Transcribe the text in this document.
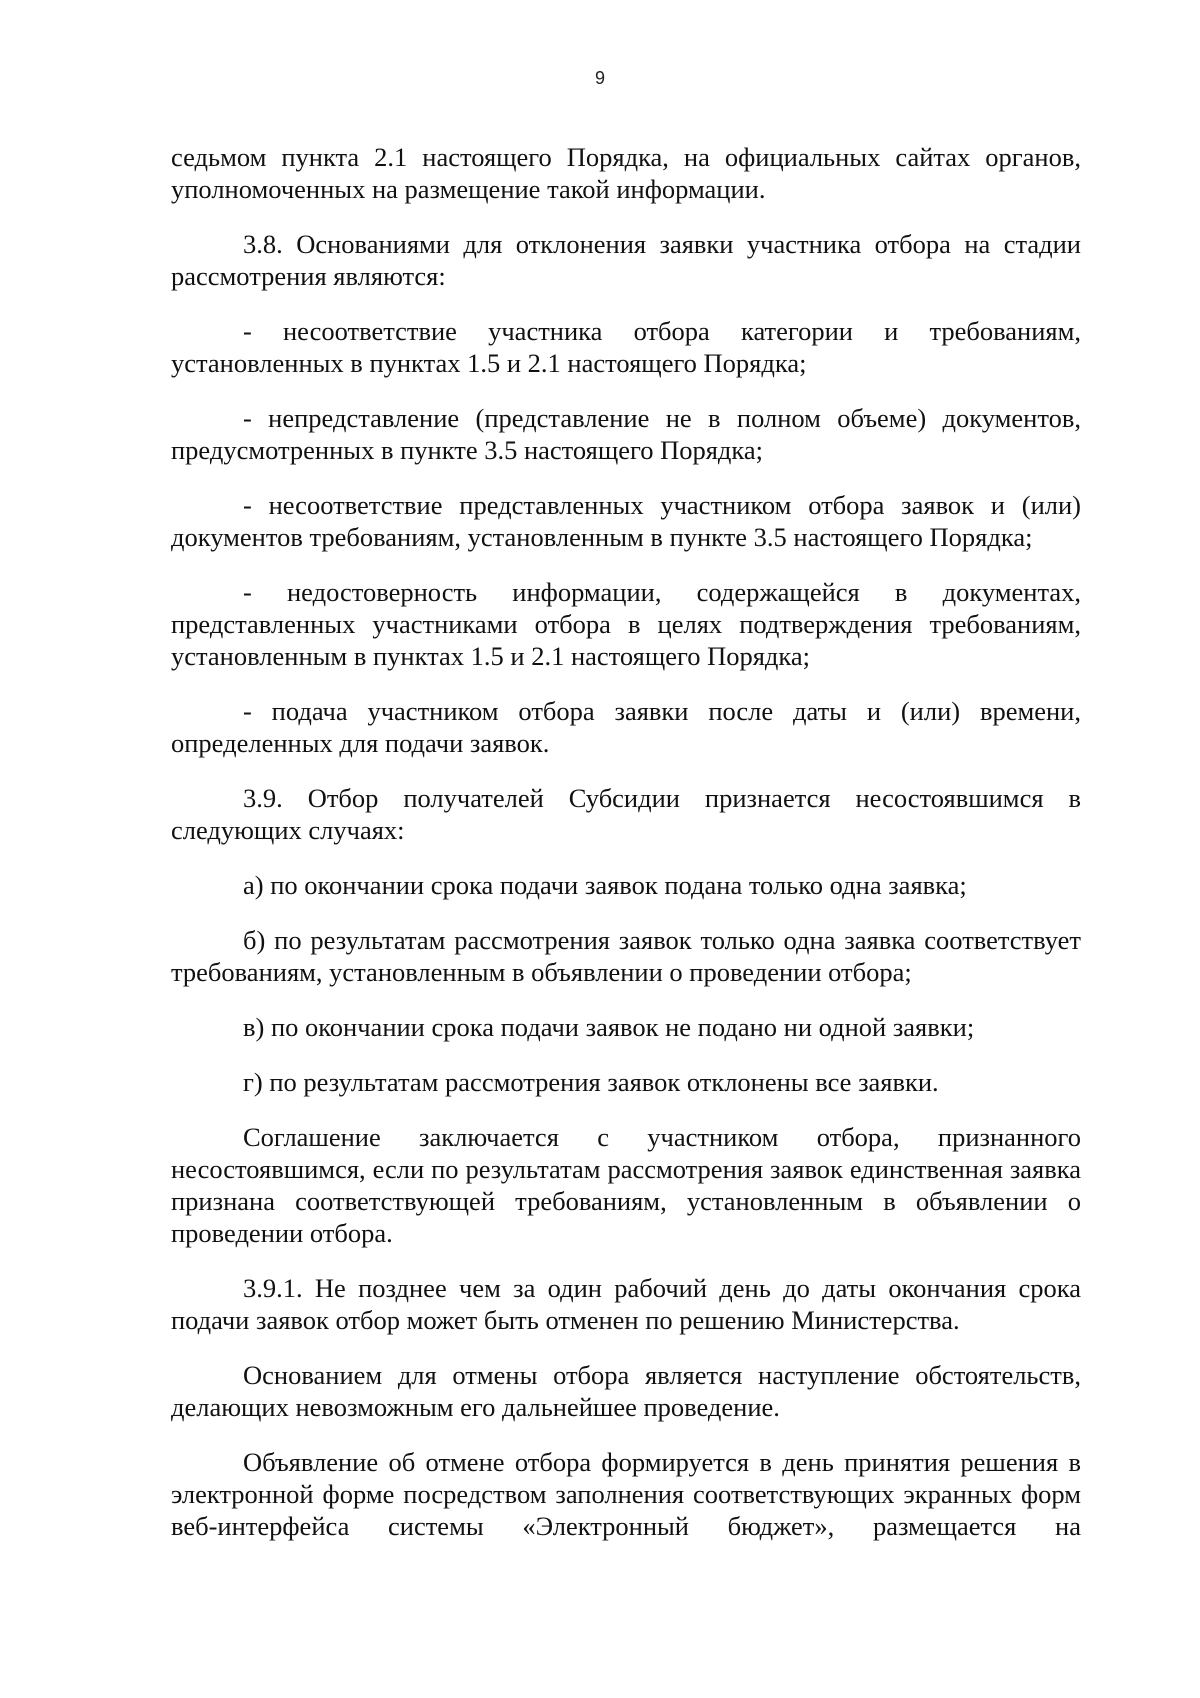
9

седьмом пункта 2.1 настоящего Порядка, на официальных сайтах органов, уполномоченных на размещение такой информации.

3.8. Основаниями для отклонения заявки участника отбора на стадии рассмотрения являются:

- несоответствие участника отбора категории и требованиям, установленных в пунктах 1.5 и 2.1 настоящего Порядка;

- непредставление (представление не в полном объеме) документов, предусмотренных в пункте 3.5 настоящего Порядка;

- несоответствие представленных участником отбора заявок и (или) документов требованиям, установленным в пункте 3.5 настоящего Порядка;

- недостоверность информации, содержащейся в документах, представленных участниками отбора в целях подтверждения требованиям, установленным в пунктах 1.5 и 2.1 настоящего Порядка;

- подача участником отбора заявки после даты и (или) времени, определенных для подачи заявок.

3.9. Отбор получателей Субсидии признается несостоявшимся в следующих случаях:

а) по окончании срока подачи заявок подана только одна заявка;

б) по результатам рассмотрения заявок только одна заявка соответствует требованиям, установленным в объявлении о проведении отбора;

в) по окончании срока подачи заявок не подано ни одной заявки;

г) по результатам рассмотрения заявок отклонены все заявки.

Соглашение заключается с участником отбора, признанного несостоявшимся, если по результатам рассмотрения заявок единственная заявка признана соответствующей требованиям, установленным в объявлении о проведении отбора.

3.9.1. Не позднее чем за один рабочий день до даты окончания срока подачи заявок отбор может быть отменен по решению Министерства.

Основанием для отмены отбора является наступление обстоятельств, делающих невозможным его дальнейшее проведение.

Объявление об отмене отбора формируется в день принятия решения в электронной форме посредством заполнения соответствующих экранных форм веб-интерфейса системы «Электронный бюджет», размещается на
